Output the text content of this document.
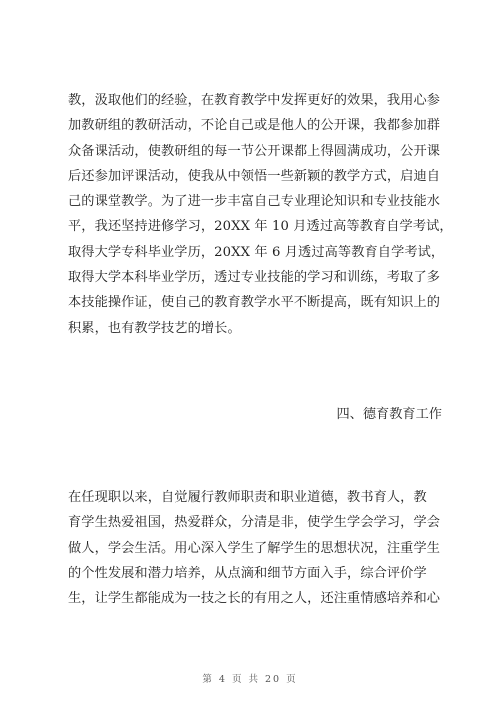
教，汲取他们的经验，在教育教学中发挥更好的效果，我用心参
加教研组的教研活动，不论自己或是他人的公开课，我都参加群
众备课活动，使教研组的每一节公开课都上得圆满成功，公开课
后还参加评课活动，使我从中领悟一些新颖的教学方式，启迪自
己的课堂教学。为了进一步丰富自己专业理论知识和专业技能水
平，我还坚持进修学习，20XX 年 10 月透过高等教育自学考试，
取得大学专科毕业学历，20XX 年 6 月透过高等教育自学考试，
取得大学本科毕业学历，透过专业技能的学习和训练，考取了多
本技能操作证，使自己的教育教学水平不断提高，既有知识上的
积累，也有教学技艺的增长。
四、德育教育工作
在任现职以来，自觉履行教师职责和职业道德，教书育人，教
育学生热爱祖国，热爱群众，分清是非，使学生学会学习，学会
做人，学会生活。用心深入学生了解学生的思想状况，注重学生
的个性发展和潜力培养，从点滴和细节方面入手，综合评价学
生，让学生都能成为一技之长的有用之人，还注重情感培养和心
第 4 页 共 20 页
